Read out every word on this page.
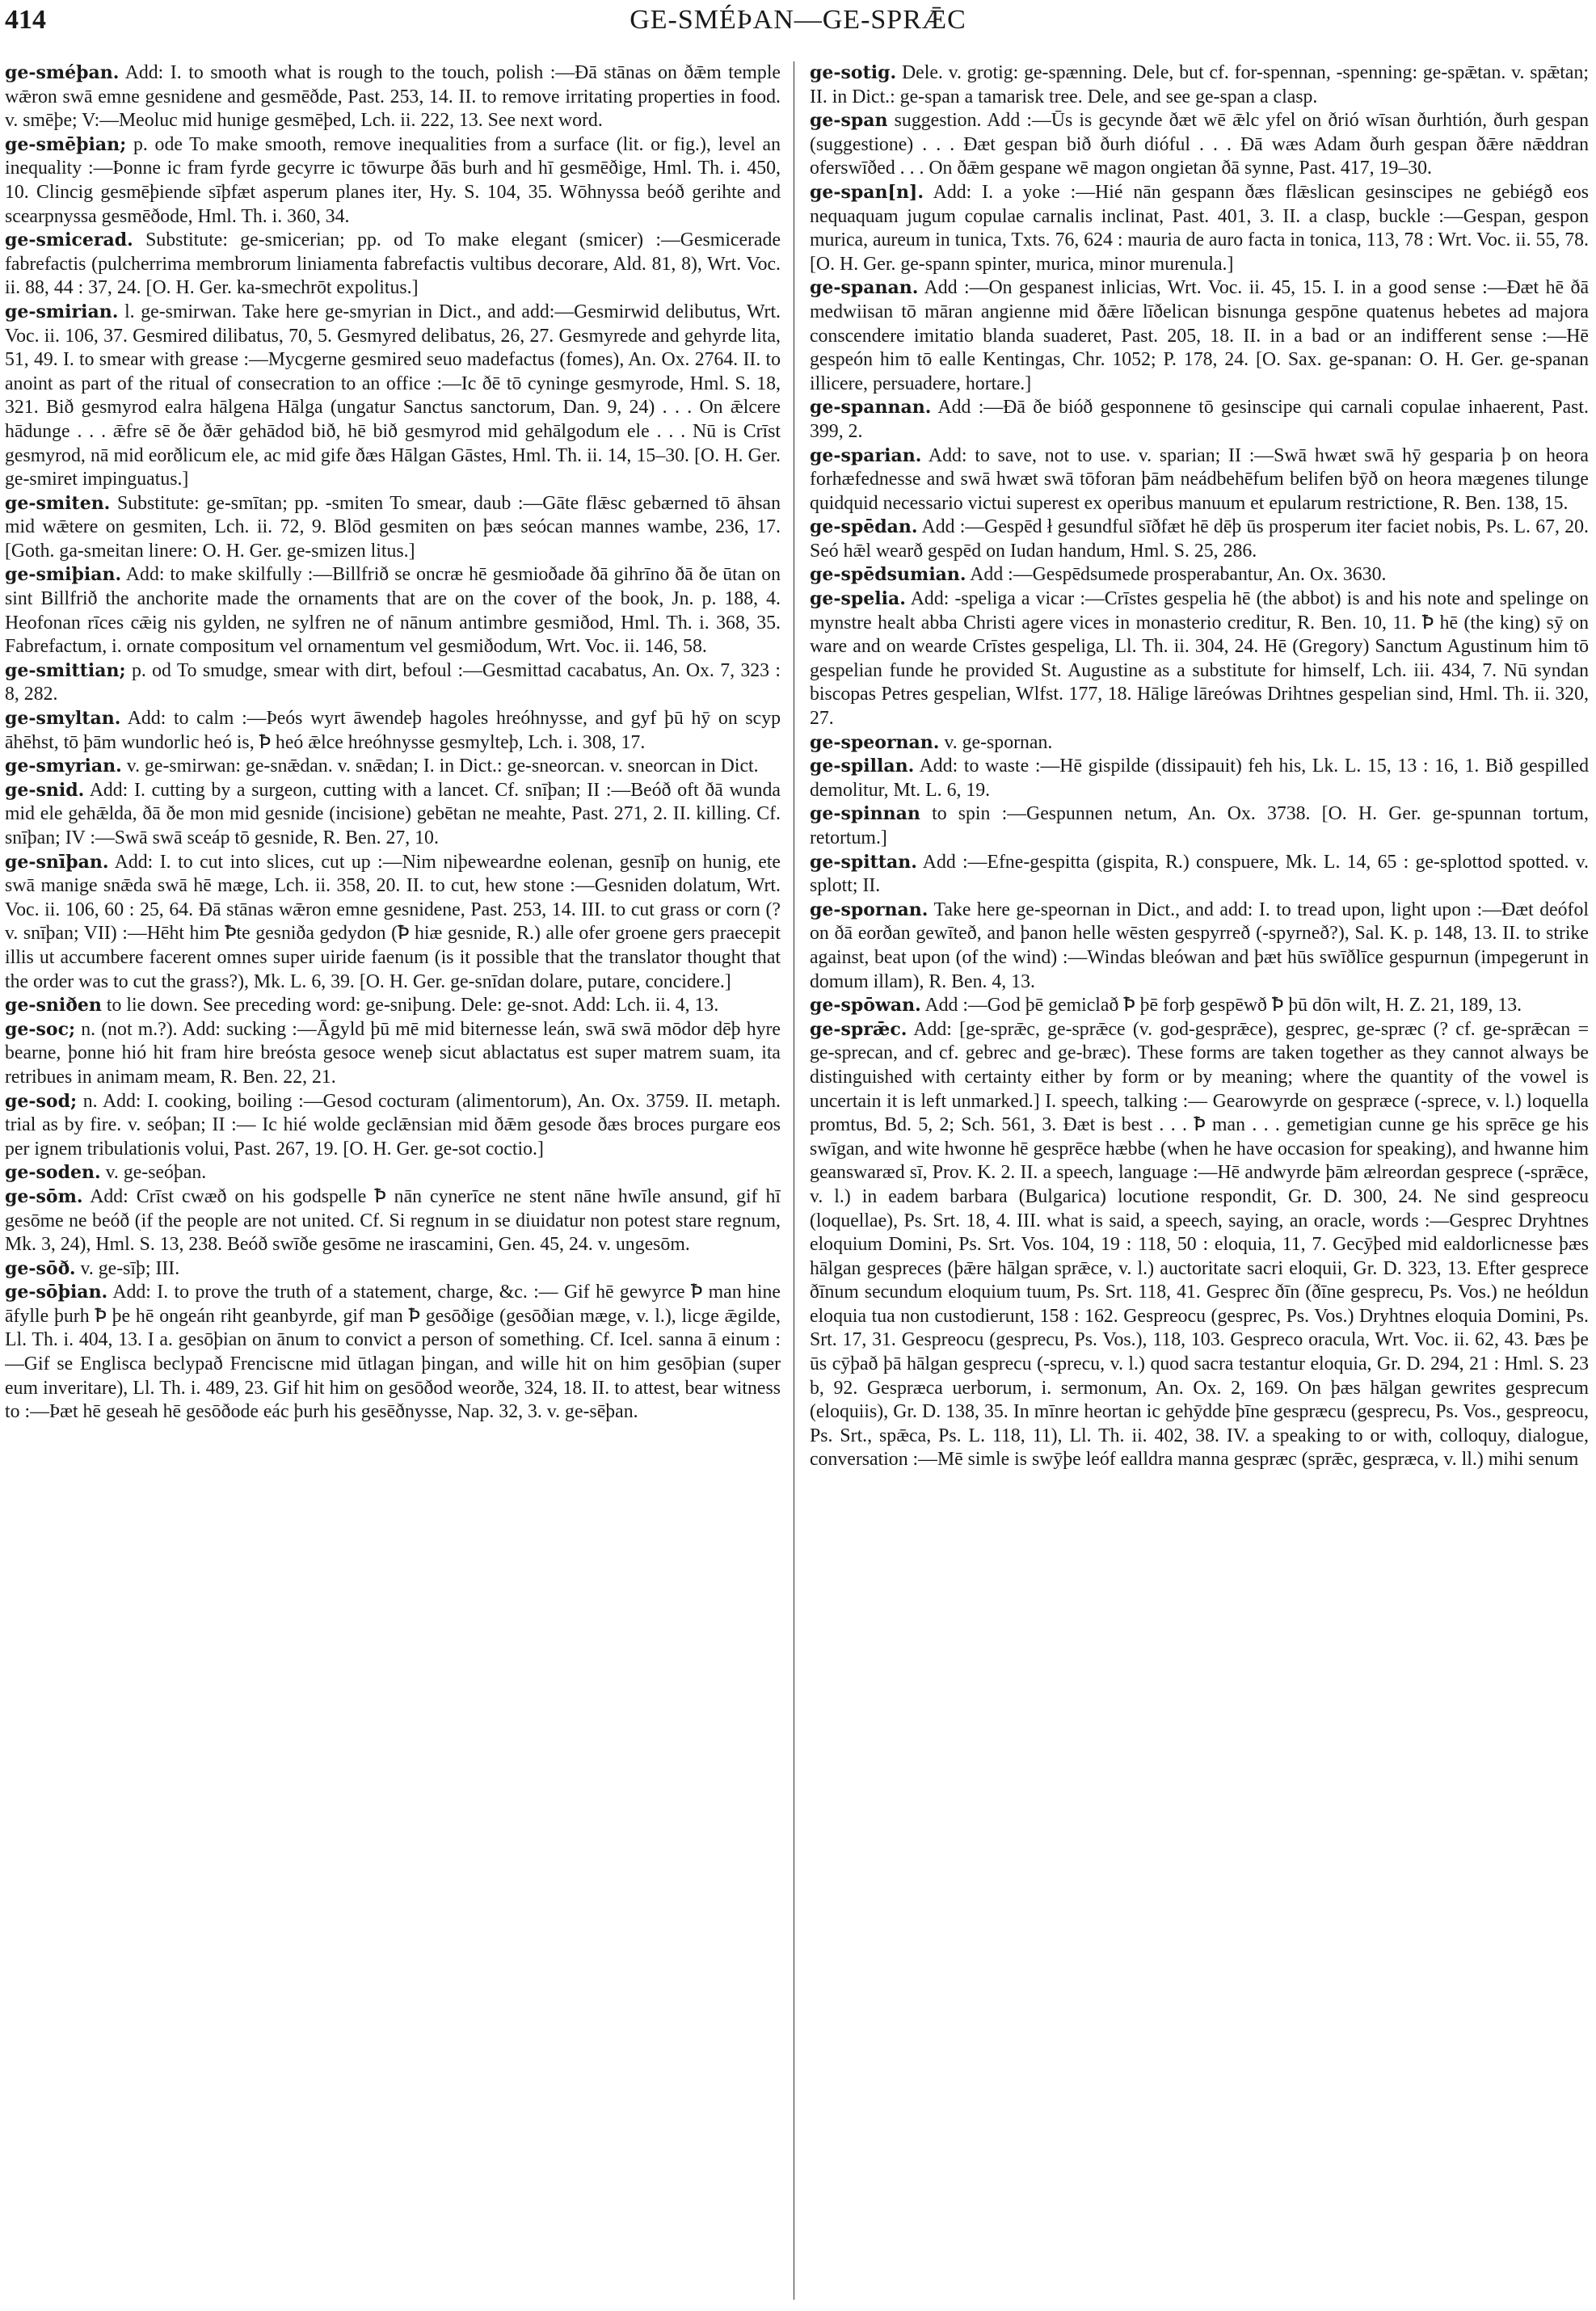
414	GE-SMÉÞAN—GE-SPRǢC

ge-sméþan. Add: I. to smooth what is rough to the touch, polish :—Ðā stānas on ðǣm temple wǣron swā emne gesnidene and gesmēðde, Past. 253, 14. II. to remove irritating properties in food. v. smēþe; V:—Meoluc mid hunige gesmēþed, Lch. ii. 222, 13. See next word.

ge-smēþian; p. ode To make smooth, remove inequalities from a surface (lit. or fig.), level an inequality :—Þonne ic fram fyrde gecyrre ic tōwurpe ðās burh and hī gesmēðige, Hml. Th. i. 450, 10. Clincig gesmēþiende sīþfæt asperum planes iter, Hy. S. 104, 35. Wōhnyssa beóð gerihte and scearpnyssa gesmēðode, Hml. Th. i. 360, 34.

ge-smicerad. Substitute: ge-smicerian; pp. od To make elegant (smicer) :—Gesmicerade fabrefactis (pulcherrima membrorum liniamenta fabrefactis vultibus decorare, Ald. 81, 8), Wrt. Voc. ii. 88, 44 : 37, 24. [O. H. Ger. ka-smechrōt expolitus.]

ge-smirian. l. ge-smirwan. Take here ge-smyrian in Dict., and add:—Gesmirwid delibutus, Wrt. Voc. ii. 106, 37. Gesmired dilibatus, 70, 5. Gesmyred delibatus, 26, 27. Gesmyrede and gehyrde lita, 51, 49. I. to smear with grease :—Mycgerne gesmired seuo madefactus (fomes), An. Ox. 2764. II. to anoint as part of the ritual of consecration to an office :—Ic ðē tō cyninge gesmyrode, Hml. S. 18, 321. Bið gesmyrod ealra hālgena Hālga (ungatur Sanctus sanctorum, Dan. 9, 24) . . . On ǣlcere hādunge . . . ǣfre sē ðe ðǣr gehādod bið, hē bið gesmyrod mid gehālgodum ele . . . Nū is Crīst gesmyrod, nā mid eorðlicum ele, ac mid gife ðæs Hālgan Gāstes, Hml. Th. ii. 14, 15–30. [O. H. Ger. ge-smiret impinguatus.]

ge-smiten. Substitute: ge-smītan; pp. -smiten To smear, daub :—Gāte flǣsc gebærned tō āhsan mid wǣtere on gesmiten, Lch. ii. 72, 9. Blōd gesmiten on þæs seócan mannes wambe, 236, 17. [Goth. ga-smeitan linere: O. H. Ger. ge-smizen litus.]

ge-smiþian. Add: to make skilfully :—Billfrið se oncræ hē gesmioðade ðā gihrīno ðā ðe ūtan on sint Billfrið the anchorite made the ornaments that are on the cover of the book, Jn. p. 188, 4. Heofonan rīces cǣig nis gylden, ne sylfren ne of nānum antimbre gesmiðod, Hml. Th. i. 368, 35. Fabrefactum, i. ornate compositum vel ornamentum vel gesmiðodum, Wrt. Voc. ii. 146, 58.

ge-smittian; p. od To smudge, smear with dirt, befoul :—Gesmittad cacabatus, An. Ox. 7, 323 : 8, 282.

ge-smyltan. Add: to calm :—Þeós wyrt āwendeþ hagoles hreóhnysse, and gyf þū hȳ on scyp āhēhst, tō þām wundorlic heó is, Ꝥ heó ǣlce hreóhnysse gesmylteþ, Lch. i. 308, 17.

ge-smyrian. v. ge-smirwan: ge-snǣdan. v. snǣdan; I. in Dict.: ge-sneorcan. v. sneorcan in Dict.

ge-snid. Add: I. cutting by a surgeon, cutting with a lancet. Cf. snīþan; II :—Beóð oft ðā wunda mid ele gehǣlda, ðā ðe mon mid gesnide (incisione) gebētan ne meahte, Past. 271, 2. II. killing. Cf. snīþan; IV :—Swā swā sceáp tō gesnide, R. Ben. 27, 10.

ge-snīþan. Add: I. to cut into slices, cut up :—Nim niþeweardne eolenan, gesnīþ on hunig, ete swā manige snǣda swā hē mæge, Lch. ii. 358, 20. II. to cut, hew stone :—Gesniden dolatum, Wrt. Voc. ii. 106, 60 : 25, 64. Ðā stānas wǣron emne gesnidene, Past. 253, 14. III. to cut grass or corn (? v. snīþan; VII) :—Hēht him Ꝥte gesniða gedydon (Ꝥ hiæ gesnide, R.) alle ofer groene gers praecepit illis ut accumbere facerent omnes super uiride faenum (is it possible that the translator thought that the order was to cut the grass?), Mk. L. 6, 39. [O. H. Ger. ge-snīdan dolare, putare, concidere.]

ge-sniðen to lie down. See preceding word: ge-sniþung. Dele: ge-snot. Add: Lch. ii. 4, 13.

ge-soc; n. (not m.?). Add: sucking :—Āgyld þū mē mid biternesse leán, swā swā mōdor dēþ hyre bearne, þonne hió hit fram hire breósta gesoce weneþ sicut ablactatus est super matrem suam, ita retribues in animam meam, R. Ben. 22, 21.

ge-sod; n. Add: I. cooking, boiling :—Gesod cocturam (alimentorum), An. Ox. 3759. II. metaph. trial as by fire. v. seóþan; II :— Ic hié wolde geclǣnsian mid ðǣm gesode ðæs broces purgare eos per ignem tribulationis volui, Past. 267, 19. [O. H. Ger. ge-sot coctio.]

ge-soden. v. ge-seóþan.

ge-sōm. Add: Crīst cwæð on his godspelle Ꝥ nān cynerīce ne stent nāne hwīle ansund, gif hī gesōme ne beóð (if the people are not united. Cf. Si regnum in se diuidatur non potest stare regnum, Mk. 3, 24), Hml. S. 13, 238. Beóð swīðe gesōme ne irascamini, Gen. 45, 24. v. ungesōm.

ge-sōð. v. ge-sīþ; III.

ge-sōþian. Add: I. to prove the truth of a statement, charge, &c. :— Gif hē gewyrce Ꝥ man hine āfylle þurh Ꝥ þe hē ongeán riht geanbyrde, gif man Ꝥ gesōðige (gesōðian mæge, v. l.), licge ǣgilde, Ll. Th. i. 404, 13. I a. gesōþian on ānum to convict a person of something. Cf. Icel. sanna ā einum :—Gif se Englisca beclypað Frenciscne mid ūtlagan þingan, and wille hit on him gesōþian (super eum inveritare), Ll. Th. i. 489, 23. Gif hit him on gesōðod weorðe, 324, 18. II. to attest, bear witness to :—Þæt hē geseah hē gesōðode eác þurh his gesēðnysse, Nap. 32, 3. v. ge-sēþan.

ge-sotig. Dele. v. grotig: ge-spænning. Dele, but cf. for-spennan, -spenning: ge-spǣtan. v. spǣtan; II. in Dict.: ge-span a tamarisk tree. Dele, and see ge-span a clasp.

ge-span suggestion. Add :—Ūs is gecynde ðæt wē ǣlc yfel on ðrió wīsan ðurhtión, ðurh gespan (suggestione) . . . Ðæt gespan bið ðurh dióful . . . Ðā wæs Adam ðurh gespan ðǣre nǣddran oferswīðed . . . On ðǣm gespane wē magon ongietan ðā synne, Past. 417, 19–30.

ge-span[n]. Add: I. a yoke :—Hié nān gespann ðæs flǣslican gesinscipes ne gebiégð eos nequaquam jugum copulae carnalis inclinat, Past. 401, 3. II. a clasp, buckle :—Gespan, gespon murica, aureum in tunica, Txts. 76, 624 : mauria de auro facta in tonica, 113, 78 : Wrt. Voc. ii. 55, 78. [O. H. Ger. ge-spann spinter, murica, minor murenula.]

ge-spanan. Add :—On gespanest inlicias, Wrt. Voc. ii. 45, 15. I. in a good sense :—Ðæt hē ðā medwiisan tō māran angienne mid ðǣre līðelican bisnunga gespōne quatenus hebetes ad majora conscendere imitatio blanda suaderet, Past. 205, 18. II. in a bad or an indifferent sense :—Hē gespeón him tō ealle Kentingas, Chr. 1052; P. 178, 24. [O. Sax. ge-spanan: O. H. Ger. ge-spanan illicere, persuadere, hortare.]

ge-spannan. Add :—Ðā ðe bióð gesponnene tō gesinscipe qui carnali copulae inhaerent, Past. 399, 2.

ge-sparian. Add: to save, not to use. v. sparian; II :—Swā hwæt swā hȳ gesparia þ on heora forhæfednesse and swā hwæt swā tōforan þām neádbehēfum belifen bȳð on heora mægenes tilunge quidquid necessario victui superest ex operibus manuum et epularum restrictione, R. Ben. 138, 15.

ge-spēdan. Add :—Gespēd ł gesundful sīðfæt hē dēþ ūs prosperum iter faciet nobis, Ps. L. 67, 20. Seó hǣl wearð gespēd on Iudan handum, Hml. S. 25, 286.

ge-spēdsumian. Add :—Gespēdsumede prosperabantur, An. Ox. 3630.

ge-spelia. Add: -speliga a vicar :—Crīstes gespelia hē (the abbot) is and his note and spelinge on mynstre healt abba Christi agere vices in monasterio creditur, R. Ben. 10, 11. Ꝥ hē (the king) sȳ on ware and on wearde Crīstes gespeliga, Ll. Th. ii. 304, 24. Hē (Gregory) Sanctum Agustinum him tō gespelian funde he provided St. Augustine as a substitute for himself, Lch. iii. 434, 7. Nū syndan biscopas Petres gespelian, Wlfst. 177, 18. Hālige lāreówas Drihtnes gespelian sind, Hml. Th. ii. 320, 27.

ge-speornan. v. ge-spornan.

ge-spillan. Add: to waste :—Hē gispilde (dissipauit) feh his, Lk. L. 15, 13 : 16, 1. Bið gespilled demolitur, Mt. L. 6, 19.

ge-spinnan to spin :—Gespunnen netum, An. Ox. 3738. [O. H. Ger. ge-spunnan tortum, retortum.]

ge-spittan. Add :—Efne-gespitta (gispita, R.) conspuere, Mk. L. 14, 65 : ge-splottod spotted. v. splott; II.

ge-spornan. Take here ge-speornan in Dict., and add: I. to tread upon, light upon :—Ðæt deófol on ðā eorðan gewīteð, and þanon helle wēsten gespyrreð (-spyrneð?), Sal. K. p. 148, 13. II. to strike against, beat upon (of the wind) :—Windas bleówan and þæt hūs swīðlīce gespurnun (impegerunt in domum illam), R. Ben. 4, 13.

ge-spōwan. Add :—God þē gemiclað Ꝥ þē forþ gespēwð Ꝥ þū dōn wilt, H. Z. 21, 189, 13.

ge-sprǣc. Add: [ge-sprǣc, ge-sprǣce (v. god-gesprǣce), gesprec, ge-spræc (? cf. ge-sprǣcan = ge-sprecan, and cf. gebrec and ge-bræc). These forms are taken together as they cannot always be distinguished with certainty either by form or by meaning; where the quantity of the vowel is uncertain it is left unmarked.] I. speech, talking :— Gearowyrde on gespræce (-sprece, v. l.) loquella promtus, Bd. 5, 2; Sch. 561, 3. Ðæt is best . . . Ꝥ man . . . gemetigian cunne ge his sprēce ge his swīgan, and wite hwonne hē gesprēce hæbbe (when he have occasion for speaking), and hwanne him geanswaræd sī, Prov. K. 2. II. a speech, language :—Hē andwyrde þām ælreordan gesprece (-sprǣce, v. l.) in eadem barbara (Bulgarica) locutione respondit, Gr. D. 300, 24. Ne sind gespreocu (loquellae), Ps. Srt. 18, 4. III. what is said, a speech, saying, an oracle, words :—Gesprec Dryhtnes eloquium Domini, Ps. Srt. Vos. 104, 19 : 118, 50 : eloquia, 11, 7. Gecȳþed mid ealdorlicnesse þæs hālgan gespreces (þǣre hālgan sprǣce, v. l.) auctoritate sacri eloquii, Gr. D. 323, 13. Efter gesprece ðīnum secundum eloquium tuum, Ps. Srt. 118, 41. Gesprec ðīn (ðīne gesprecu, Ps. Vos.) ne heóldun eloquia tua non custodierunt, 158 : 162. Gespreocu (gesprec, Ps. Vos.) Dryhtnes eloquia Domini, Ps. Srt. 17, 31. Gespreocu (gesprecu, Ps. Vos.), 118, 103. Gespreco oracula, Wrt. Voc. ii. 62, 43. Þæs þe ūs cȳþað þā hālgan gesprecu (-sprecu, v. l.) quod sacra testantur eloquia, Gr. D. 294, 21 : Hml. S. 23 b, 92. Gespræca uerborum, i. sermonum, An. Ox. 2, 169. On þæs hālgan gewrites gesprecum (eloquiis), Gr. D. 138, 35. In mīnre heortan ic gehȳdde þīne gespræcu (gesprecu, Ps. Vos., gespreocu, Ps. Srt., spǣca, Ps. L. 118, 11), Ll. Th. ii. 402, 38. IV. a speaking to or with, colloquy, dialogue, conversation :—Mē simle is swȳþe leóf ealldra manna gespræc (sprǣc, gespræca, v. ll.) mihi senum
